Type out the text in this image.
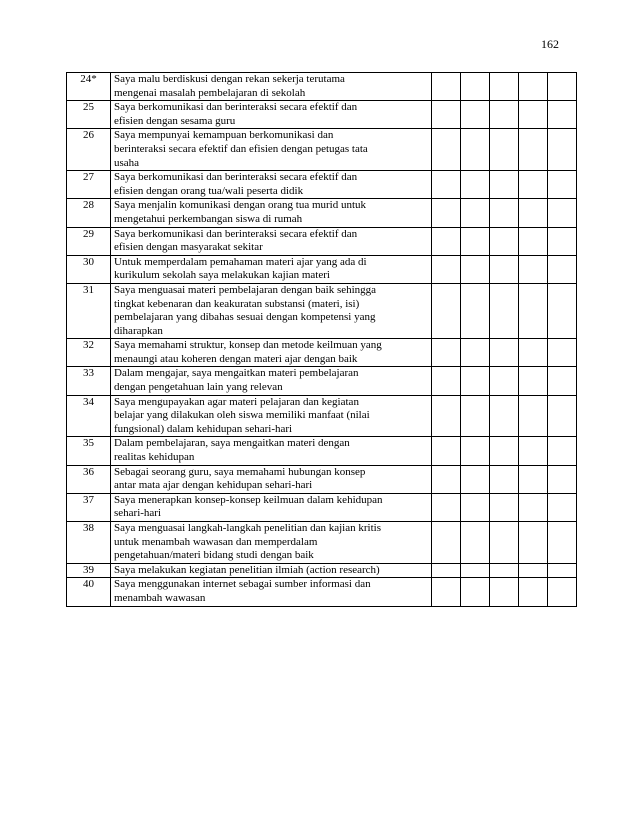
162
24*	Saya malu berdiskusi dengan rekan sekerja terutama
mengenai masalah pembelajaran di sekolah					

25	Saya berkomunikasi dan berinteraksi secara efektif dan
efisien dengan sesama guru					

26	Saya mempunyai kemampuan berkomunikasi dan
berinteraksi secara efektif dan efisien dengan petugas tata
usaha					

27	Saya berkomunikasi dan berinteraksi secara efektif dan
efisien dengan orang tua/wali peserta didik					

28	Saya menjalin komunikasi dengan orang tua murid untuk
mengetahui perkembangan siswa di rumah					

29	Saya berkomunikasi dan berinteraksi secara efektif dan
efisien dengan masyarakat sekitar					

30	Untuk memperdalam pemahaman materi ajar yang ada di
kurikulum sekolah saya melakukan kajian materi					

31	Saya menguasai materi pembelajaran dengan baik sehingga
tingkat kebenaran dan keakuratan substansi (materi, isi)
pembelajaran yang dibahas sesuai dengan kompetensi yang
diharapkan					

32	Saya memahami struktur, konsep dan metode keilmuan yang
menaungi atau koheren dengan materi ajar dengan baik					

33	Dalam mengajar, saya mengaitkan materi pembelajaran
dengan pengetahuan lain yang relevan					

34	Saya mengupayakan agar materi pelajaran dan kegiatan
belajar yang dilakukan oleh siswa memiliki manfaat (nilai
fungsional) dalam kehidupan sehari-hari					

35	Dalam pembelajaran, saya mengaitkan materi dengan
realitas kehidupan					

36	Sebagai seorang guru, saya memahami hubungan konsep
antar mata ajar dengan kehidupan sehari-hari					

37	Saya menerapkan konsep-konsep keilmuan dalam kehidupan
sehari-hari					

38	Saya menguasai langkah-langkah penelitian dan kajian kritis
untuk menambah wawasan dan memperdalam
pengetahuan/materi bidang studi dengan baik					

39	Saya melakukan kegiatan penelitian ilmiah (action research)					

40	Saya menggunakan internet sebagai sumber informasi dan
menambah wawasan					
